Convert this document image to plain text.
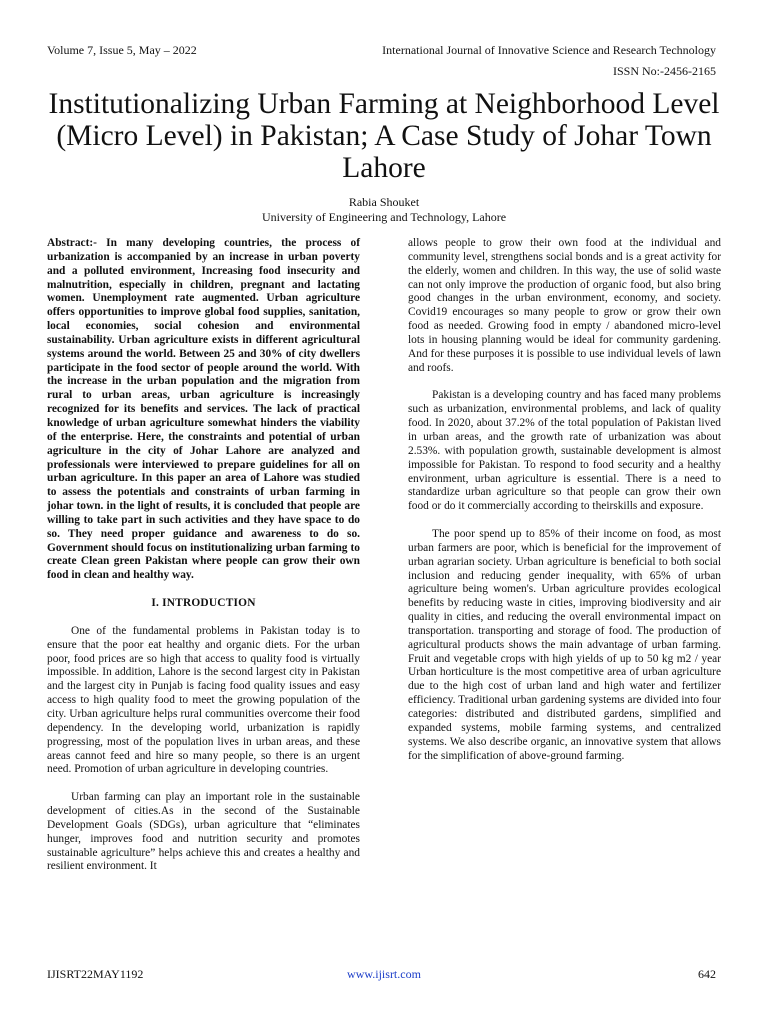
Volume 7, Issue 5, May – 2022	International Journal of Innovative Science and Research Technology
ISSN No:-2456-2165
Institutionalizing Urban Farming at Neighborhood Level (Micro Level) in Pakistan; A Case Study of Johar Town Lahore
Rabia Shouket
University of Engineering and Technology, Lahore

Abstract:- In many developing countries, the process of urbanization is accompanied by an increase in urban poverty and a polluted environment, Increasing food insecurity and malnutrition, especially in children, pregnant and lactating women. Unemployment rate augmented. Urban agriculture offers opportunities to improve global food supplies, sanitation, local economies, social cohesion and environmental sustainability. Urban agriculture exists in different agricultural systems around the world. Between 25 and 30% of city dwellers participate in the food sector of people around the world. With the increase in the urban population and the migration from rural to urban areas, urban agriculture is increasingly recognized for its benefits and services. The lack of practical knowledge of urban agriculture somewhat hinders the viability of the enterprise. Here, the constraints and potential of urban agriculture in the city of Johar Lahore are analyzed and professionals were interviewed to prepare guidelines for all on urban agriculture. In this paper an area of Lahore was studied to assess the potentials and constraints of urban farming in johar town. in the light of results, it is concluded that people are willing to take part in such activities and they have space to do so. They need proper guidance and awareness to do so. Government should focus on institutionalizing urban farming to create Clean green Pakistan where people can grow their own food in clean and healthy way.

I. INTRODUCTION

One of the fundamental problems in Pakistan today is to ensure that the poor eat healthy and organic diets. For the urban poor, food prices are so high that access to quality food is virtually impossible. In addition, Lahore is the second largest city in Pakistan and the largest city in Punjab is facing food quality issues and easy access to high quality food to meet the growing population of the city. Urban agriculture helps rural communities overcome their food dependency. In the developing world, urbanization is rapidly progressing, most of the population lives in urban areas, and these areas cannot feed and hire so many people, so there is an urgent need. Promotion of urban agriculture in developing countries.

Urban farming can play an important role in the sustainable development of cities.As in the second of the Sustainable Development Goals (SDGs), urban agriculture that “eliminates hunger, improves food and nutrition security and promotes sustainable agriculture” helps achieve this and creates a healthy and resilient environment. It

allows people to grow their own food at the individual and community level, strengthens social bonds and is a great activity for the elderly, women and children. In this way, the use of solid waste can not only improve the production of organic food, but also bring good changes in the urban environment, economy, and society. Covid19 encourages so many people to grow or grow their own food as needed. Growing food in empty / abandoned micro-level lots in housing planning would be ideal for community gardening. And for these purposes it is possible to use individual levels of lawn and roofs.

Pakistan is a developing country and has faced many problems such as urbanization, environmental problems, and lack of quality food. In 2020, about 37.2% of the total population of Pakistan lived in urban areas, and the growth rate of urbanization was about 2.53%. with population growth, sustainable development is almost impossible for Pakistan. To respond to food security and a healthy environment, urban agriculture is essential. There is a need to standardize urban agriculture so that people can grow their own food or do it commercially according to theirskills and exposure.

The poor spend up to 85% of their income on food, as most urban farmers are poor, which is beneficial for the improvement of urban agrarian society. Urban agriculture is beneficial to both social inclusion and reducing gender inequality, with 65% of urban agriculture being women's. Urban agriculture provides ecological benefits by reducing waste in cities, improving biodiversity and air quality in cities, and reducing the overall environmental impact on transportation. transporting and storage of food. The production of agricultural products shows the main advantage of urban farming. Fruit and vegetable crops with high yields of up to 50 kg m2 / year Urban horticulture is the most competitive area of urban agriculture due to the high cost of urban land and high water and fertilizer efficiency. Traditional urban gardening systems are divided into four categories: distributed and distributed gardens, simplified and expanded systems, mobile farming systems, and centralized systems. We also describe organic, an innovative system that allows for the simplification of above-ground farming.

IJISRT22MAY1192	www.ijisrt.com	642
